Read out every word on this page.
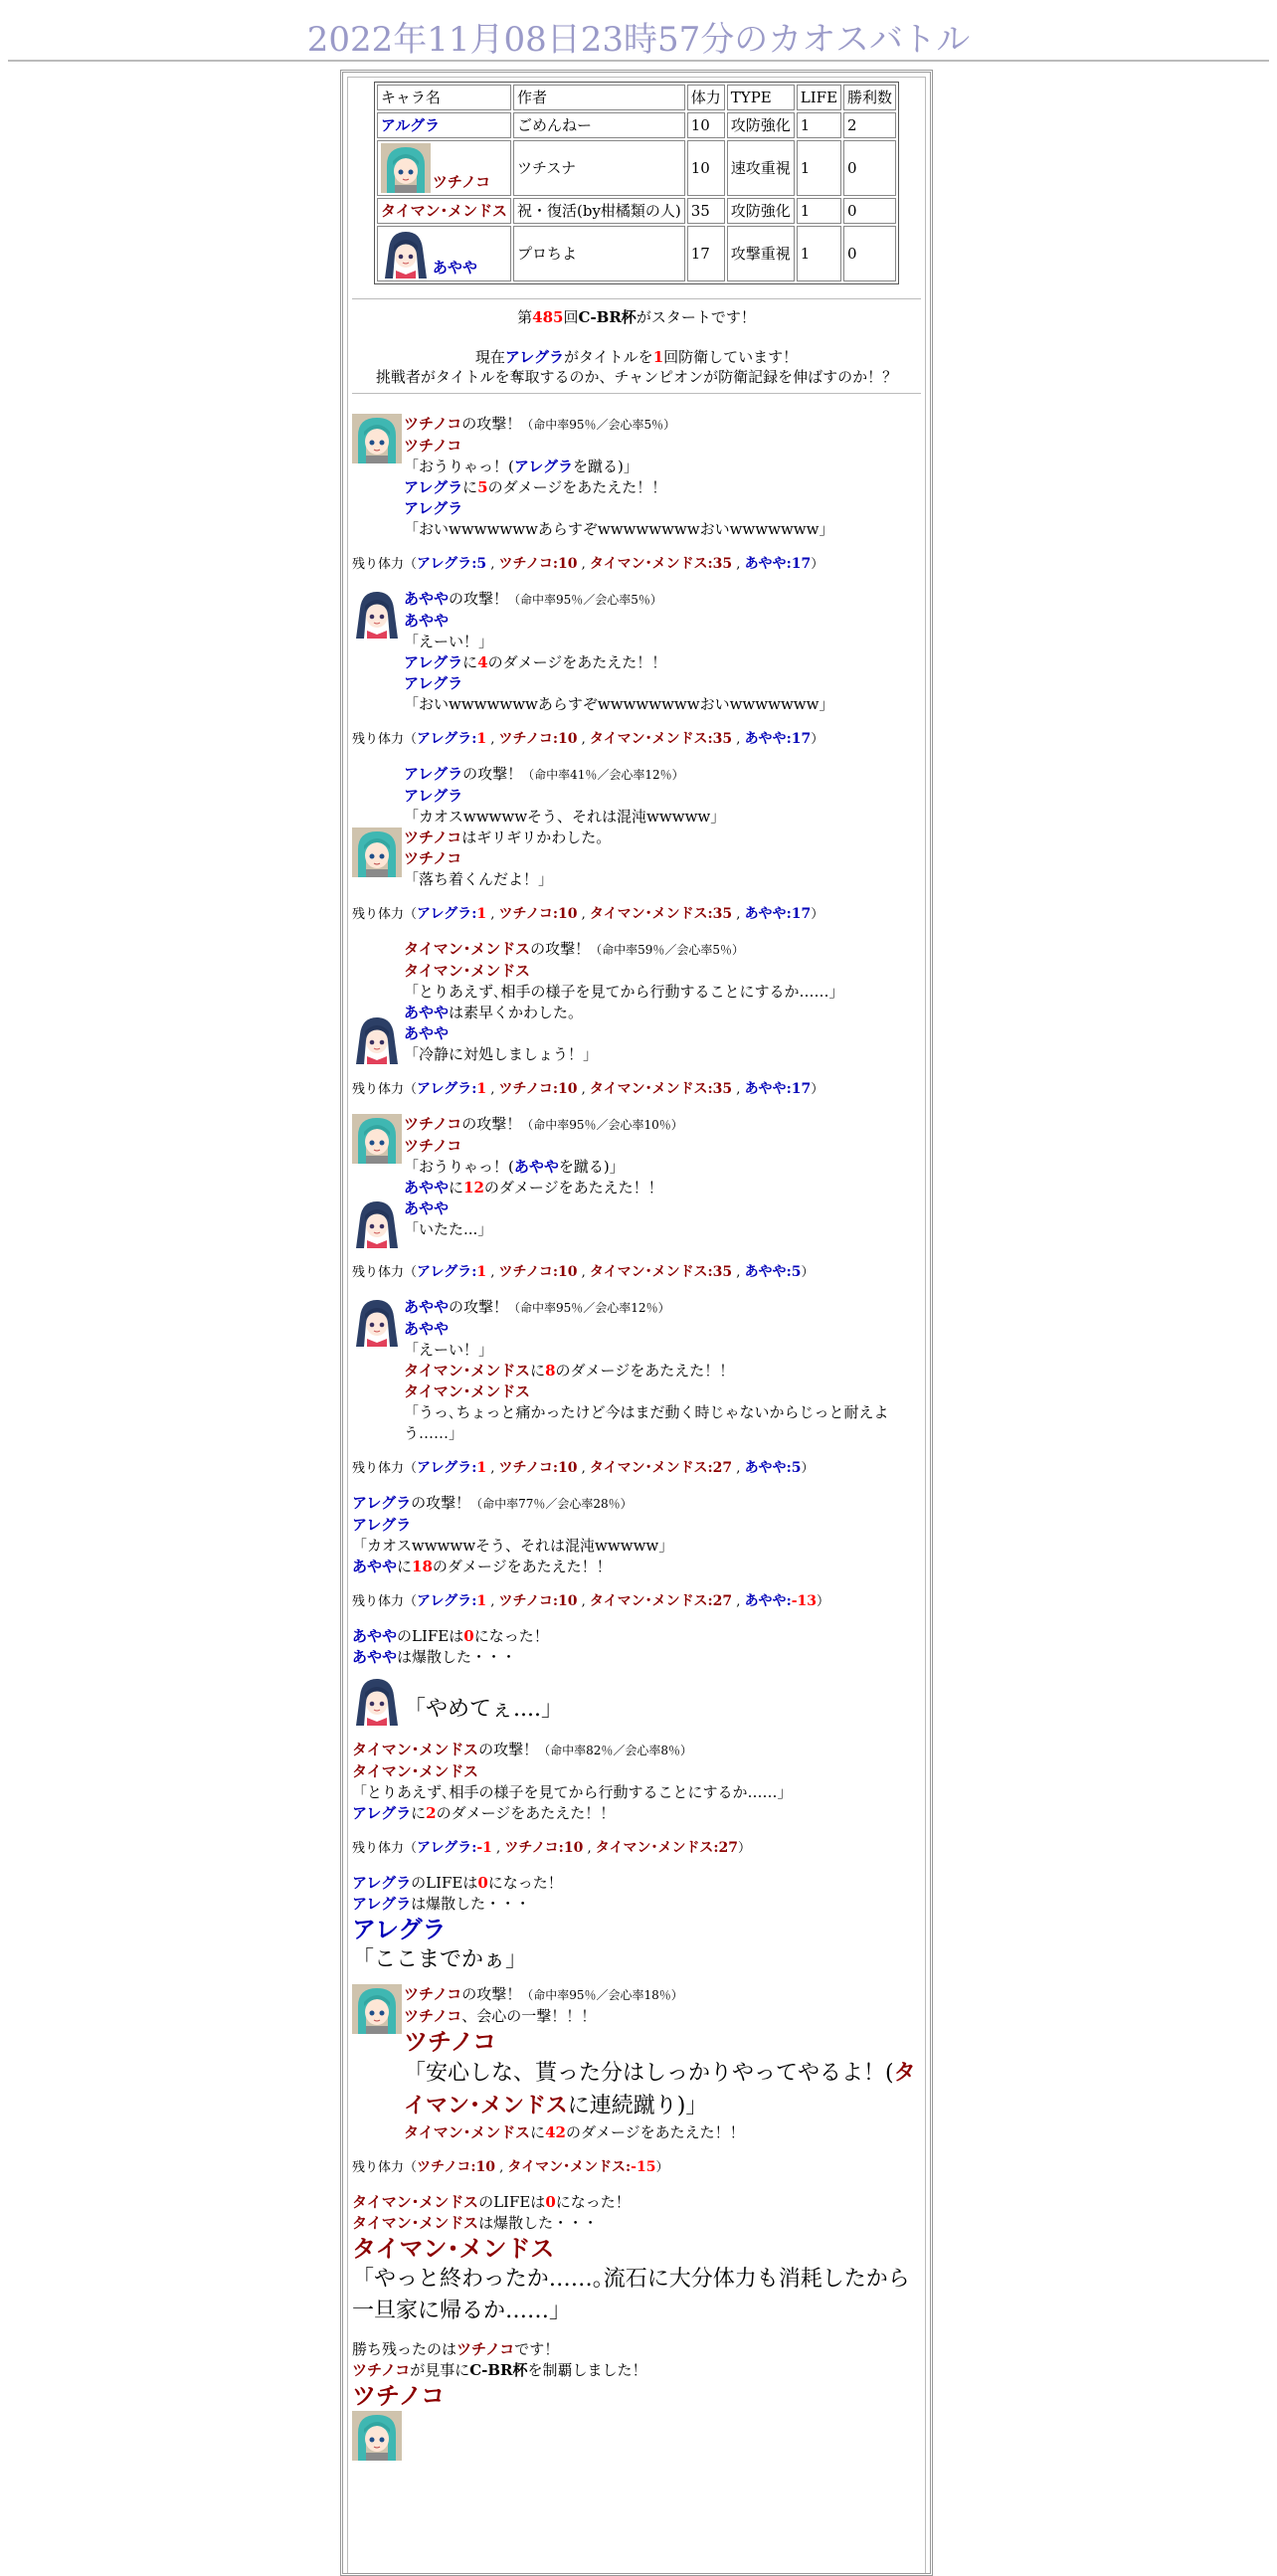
2022年11月08日23時57分のカオスバトル
キャラ名	作者	体力	TYPE	LIFE	勝利数
アルグラ	ごめんねー	10	攻防強化	1	2
ツチノコ	ツチスナ	10	速攻重視	1	0
タイマン･メンドス	祝・復活(by柑橘類の人)	35	攻防強化	1	0
あやや	プロちよ	17	攻撃重視	1	0
第485回C-BR杯がスタートです！
現在アレグラがタイトルを1回防衛しています！
挑戦者がタイトルを奪取するのか、チャンピオンが防衛記録を伸ばすのか！？
ツチノコの攻撃！（命中率95％／会心率5％）
ツチノコ
「おうりゃっ！(アレグラを蹴る)」
アレグラに5のダメージをあたえた！！
アレグラ
「おいwwwwwwwあらすぞwwwwwwwwおいwwwwwww」
残り体力（アレグラ:5 , ツチノコ:10 , タイマン･メンドス:35 , あやや:17）
あややの攻撃！（命中率95％／会心率5％）
あやや
「えーい！」
アレグラに4のダメージをあたえた！！
アレグラ
「おいwwwwwwwあらすぞwwwwwwwwおいwwwwwww」
残り体力（アレグラ:1 , ツチノコ:10 , タイマン･メンドス:35 , あやや:17）
アレグラの攻撃！（命中率41％／会心率12％）
アレグラ
「カオスwwwwwそう、それは混沌wwwww」
ツチノコはギリギリかわした。
ツチノコ
「落ち着くんだよ！」
残り体力（アレグラ:1 , ツチノコ:10 , タイマン･メンドス:35 , あやや:17）
タイマン･メンドスの攻撃！（命中率59％／会心率5％）
タイマン･メンドス
「とりあえず､相手の様子を見てから行動することにするか……」
あややは素早くかわした。
あやや
「冷静に対処しましょう！」
残り体力（アレグラ:1 , ツチノコ:10 , タイマン･メンドス:35 , あやや:17）
ツチノコの攻撃！（命中率95％／会心率10％）
ツチノコ
「おうりゃっ！(あややを蹴る)」
あややに12のダメージをあたえた！！
あやや
「いたた...」
残り体力（アレグラ:1 , ツチノコ:10 , タイマン･メンドス:35 , あやや:5）
あややの攻撃！（命中率95％／会心率12％）
あやや
「えーい！」
タイマン･メンドスに8のダメージをあたえた！！
タイマン･メンドス
「うっ､ちょっと痛かったけど今はまだ動く時じゃないからじっと耐えよう……」
残り体力（アレグラ:1 , ツチノコ:10 , タイマン･メンドス:27 , あやや:5）
アレグラの攻撃！（命中率77％／会心率28％）
アレグラ
「カオスwwwwwそう、それは混沌wwwww」
あややに18のダメージをあたえた！！
残り体力（アレグラ:1 , ツチノコ:10 , タイマン･メンドス:27 , あやや:-13）
あややのLIFEは0になった！
あややは爆散した・・・
「やめてぇ....」
タイマン･メンドスの攻撃！（命中率82％／会心率8％）
タイマン･メンドス
「とりあえず､相手の様子を見てから行動することにするか……」
アレグラに2のダメージをあたえた！！
残り体力（アレグラ:-1 , ツチノコ:10 , タイマン･メンドス:27）
アレグラのLIFEは0になった！
アレグラは爆散した・・・
アレグラ
「ここまでかぁ」
ツチノコの攻撃！（命中率95％／会心率18％）
ツチノコ、会心の一撃！！！
ツチノコ
「安心しな、貰った分はしっかりやってやるよ！(タイマン･メンドスに連続蹴り)」
タイマン･メンドスに42のダメージをあたえた！！
残り体力（ツチノコ:10 , タイマン･メンドス:-15）
タイマン･メンドスのLIFEは0になった！
タイマン･メンドスは爆散した・・・
タイマン･メンドス
「やっと終わったか……｡流石に大分体力も消耗したから一旦家に帰るか……」
勝ち残ったのはツチノコです！
ツチノコが見事にC-BR杯を制覇しました！
ツチノコ
